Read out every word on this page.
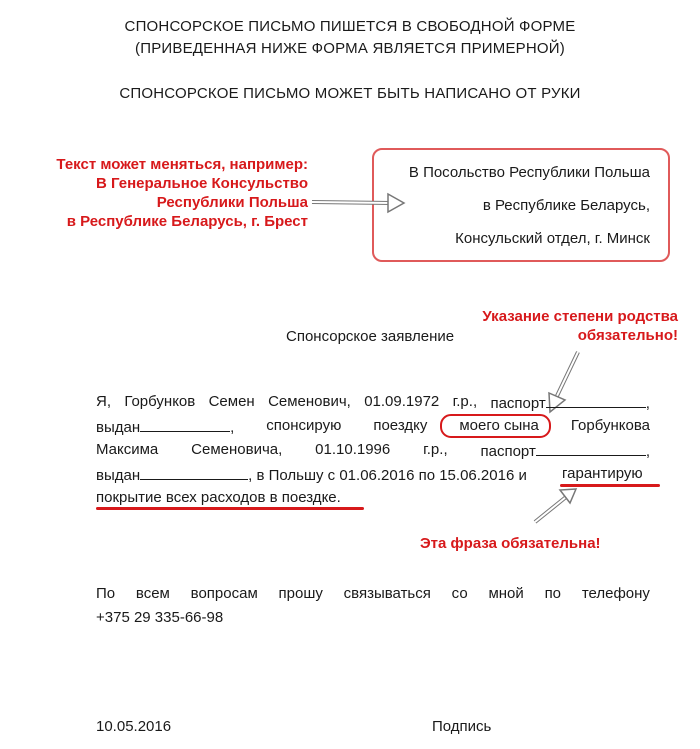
СПОНСОРСКОЕ ПИСЬМО ПИШЕТСЯ В СВОБОДНОЙ ФОРМЕ
(ПРИВЕДЕННАЯ НИЖЕ ФОРМА ЯВЛЯЕТСЯ ПРИМЕРНОЙ)
СПОНСОРСКОЕ ПИСЬМО МОЖЕТ БЫТЬ НАПИСАНО ОТ РУКИ
Текст может меняться, например:
В Генеральное Консульство
Республики Польша
в Республике Беларусь, г. Брест
В Посольство Республики Польша
в Республике Беларусь,
Консульский отдел, г. Минск
Указание степени родства
обязательно!
Спонсорское заявление
Я, Горбунков Семен Семенович, 01.09.1972 г.р., паспорт	,
выдан	, спонсирую поездку моего сына Горбункова
Максима Семеновича, 01.10.1996 г.р., паспорт	,
выдан	, в Польшу с 01.06.2016 по 15.06.2016 и гарантирую
покрытие всех расходов в поездке.
Эта фраза обязательна!
По всем вопросам прошу связываться со мной по телефону
+375 29 335-66-98
10.05.2016	Подпись
